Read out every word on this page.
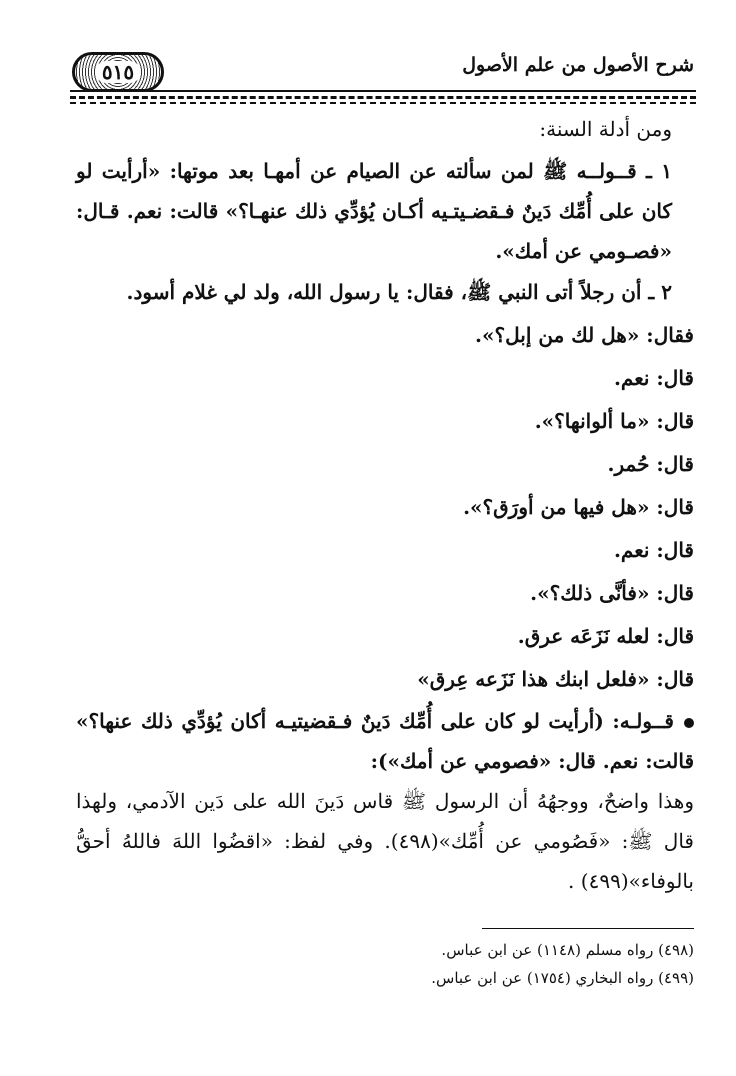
٥١٥	شرح الأصول من علم الأصول
ومن أدلة السنة:
١ ـ قــولــه ﷺ لمن سألته عن الصيام عن أمهـا بعد موتها: «أرأيت لو كان على أُمِّك دَينٌ فـقضـيتـيه أكـان يُؤدِّي ذلك عنهـا؟» قالت: نعم. قـال: «فصـومي عن أمك».
٢ ـ أن رجلاً أتى النبي ﷺ، فقال: يا رسول الله، ولد لي غلام أسود.
فقال: «هل لك من إبل؟».
قال: نعم.
قال: «ما ألوانها؟».
قال: حُمر.
قال: «هل فيها من أورَق؟».
قال: نعم.
قال: «فأنَّى ذلك؟».
قال: لعله نَزَعَه عرق.
قال: «فلعل ابنك هذا نَزَعه عِرق»
قــولـه: (أرأيت لو كان على أُمِّك دَينٌ فـقضيتيـه أكان يُؤدِّي ذلك عنها؟» قالت: نعم. قال: «فصومي عن أمك»):
وهذا واضحٌ، ووجهُهُ أن الرسول ﷺ قاس دَينَ الله على دَين الآدمي، ولهذا قال ﷺ: «فَصُومي عن أُمِّك»(٤٩٨). وفي لفظ: «اقضُوا اللهَ فاللهُ أحقُّ بالوفاء»(٤٩٩) .
(٤٩٨) رواه مسلم (١١٤٨) عن ابن عباس.
(٤٩٩) رواه البخاري (١٧٥٤) عن ابن عباس.
